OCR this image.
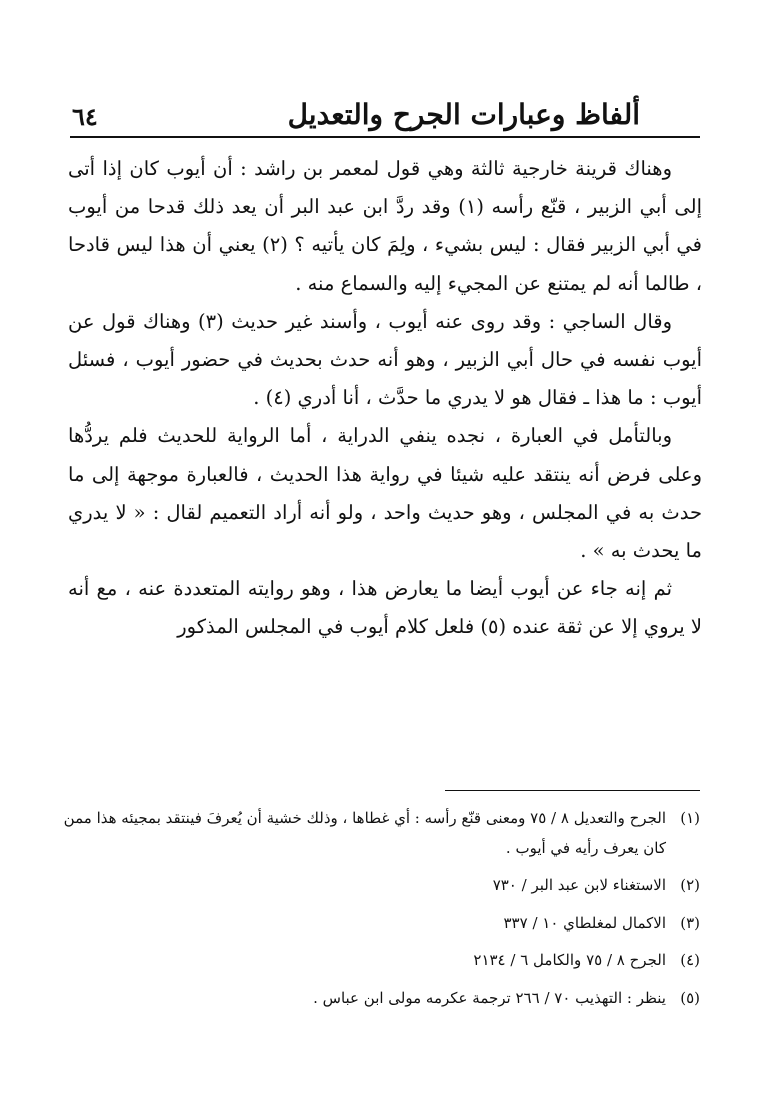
٦٤	ألفاظ وعبارات الجرح والتعديل

وهناك قرينة خارجية ثالثة وهي قول لمعمر بن راشد : أن أيوب كان إذا أتى إلى أبي الزبير ، قنّع رأسه (١) وقد ردَّ ابن عبد البر أن يعد ذلك قدحا من أيوب في أبي الزبير فقال : ليس بشيء ، ولِمَ كان يأتيه ؟ (٢) يعني أن هذا ليس قادحا ، طالما أنه لم يمتنع عن المجيء إليه والسماع منه .

وقال الساجي : وقد روى عنه أيوب ، وأسند غير حديث (٣) وهناك قول عن أيوب نفسه في حال أبي الزبير ، وهو أنه حدث بحديث في حضور أيوب ، فسئل أيوب : ما هذا ـ فقال هو لا يدري ما حدَّث ، أنا أدري (٤) .

وبالتأمل في العبارة ، نجده ينفي الدراية ، أما الرواية للحديث فلم يردُّها وعلى فرض أنه ينتقد عليه شيئا في رواية هذا الحديث ، فالعبارة موجهة إلى ما حدث به في المجلس ، وهو حديث واحد ، ولو أنه أراد التعميم لقال : « لا يدري ما يحدث به » .

ثم إنه جاء عن أيوب أيضا ما يعارض هذا ، وهو روايته المتعددة عنه ، مع أنه لا يروي إلا عن ثقة عنده (٥) فلعل كلام أيوب في المجلس المذكور

(١)
الجرح والتعديل ٨ / ٧٥ ومعنى قنّع رأسه : أي غطاها ، وذلك خشية أن يُعرفَ فينتقد بمجيئه هذا ممن كان يعرف رأيه في أيوب .
(٢)
الاستغناء لابن عبد البر / ٧٣٠
(٣)
الاكمال لمغلطاي ١٠ / ٣٣٧
(٤)
الجرح ٨ / ٧٥ والكامل ٦ / ٢١٣٤
(٥)
ينظر : التهذيب ٧٠ / ٢٦٦ ترجمة عكرمه مولى ابن عباس .
